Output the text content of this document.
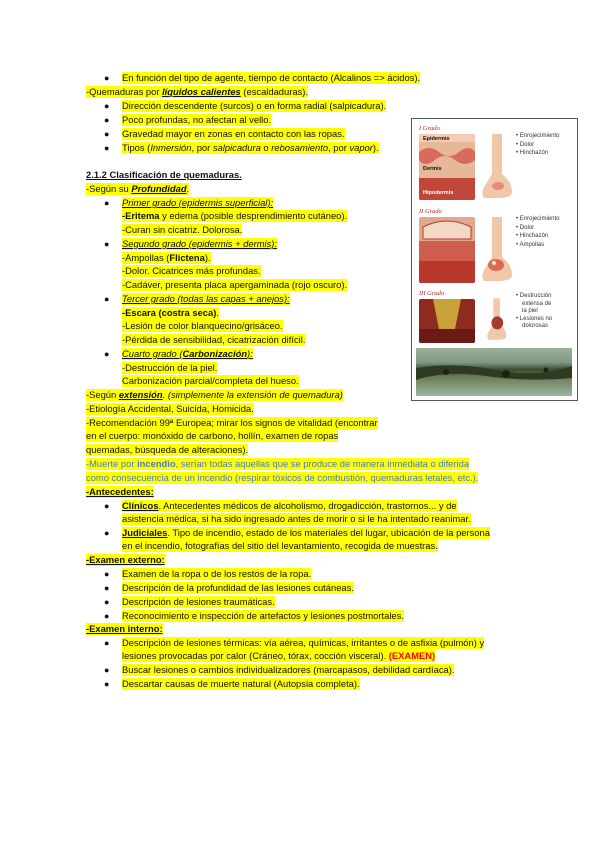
● En función del tipo de agente, tiempo de contacto (Alcalinos => ácidos).
-Quemaduras por líquidos calientes (escaldaduras).
● Dirección descendente (surcos) o en forma radial (salpicadura).
● Poco profundas, no afectan al vello.
● Gravedad mayor en zonas en contacto con las ropas.
● Tipos (Inmersión, por salpicadura o rebosamiento, por vapor).
2.1.2 Clasificación de quemaduras.
-Según su Profundidad.
● Primer grado (epidermis superficial):
-Eritema y edema (posible desprendimiento cutáneo).
-Curan sin cicatriz. Dolorosa.
● Segundo grado (epidermis + dermis):
-Ampollas (Flictena).
-Dolor. Cicatrices más profundas.
-Cadáver, presenta placa apergaminada (rojo oscuro).
● Tercer grado (todas las capas + anejos):
-Escara (costra seca).
-Lesión de color blanquecino/grisáceo.
-Pérdida de sensibilidad, cicatrización difícil.
● Cuarto grado (Carbonización):
-Destrucción de la piel.
Carbonización parcial/completa del hueso.
-Según extensión. (simplemente la extensión de quemadura)
-Etiología Accidental, Suicida, Homicida.
-Recomendación 99ª Europea; mirar los signos de vitalidad (encontrar
en el cuerpo: monóxido de carbono, hollín, examen de ropas
quemadas, búsqueda de alteraciones).
-Muerte por incendio, serían todas aquellas que se produce de manera inmediata o diferida
como consecuencia de un incendio (respirar tóxicos de combustión, quemaduras letales, etc.).
-Antecedentes:
● Clínicos. Antecedentes médicos de alcoholismo, drogadicción, trastornos... y de
asistencia médica, si ha sido ingresado antes de morir o si le ha intentado reanimar.
● Judiciales. Tipo de incendio, estado de los materiales del lugar, ubicación de la persona
en el incendio, fotografías del sitio del levantamiento, recogida de muestras.
-Examen externo:
● Examen de la ropa o de los restos de la ropa.
● Descripción de la profundidad de las lesiones cutáneas.
● Descripción de lesiones traumáticas.
● Reconocimiento e inspección de artefactos y lesiones postmortales.
-Examen interno:
● Descripción de lesiones térmicas: vía aérea, químicas, irritantes o de asfixia (pulmón) y
lesiones provocadas por calor (Cráneo, tórax, cocción visceral). (EXAMEN)
● Buscar lesiones o cambios individualizadores (marcapasos, debilidad cardíaca).
● Descartar causas de muerte natural (Autopsia completa).
I Grado
Epidermis
Dermis
Hipodermis
• Enrojecimiento
• Dolor
• Hinchazón
II Grado
• Enrojecimiento
• Dolor
• Hinchazón
• Ampollas
III Grado
•	Destrucción
extensa de
la piel
• Lesiones no
dolorosas
